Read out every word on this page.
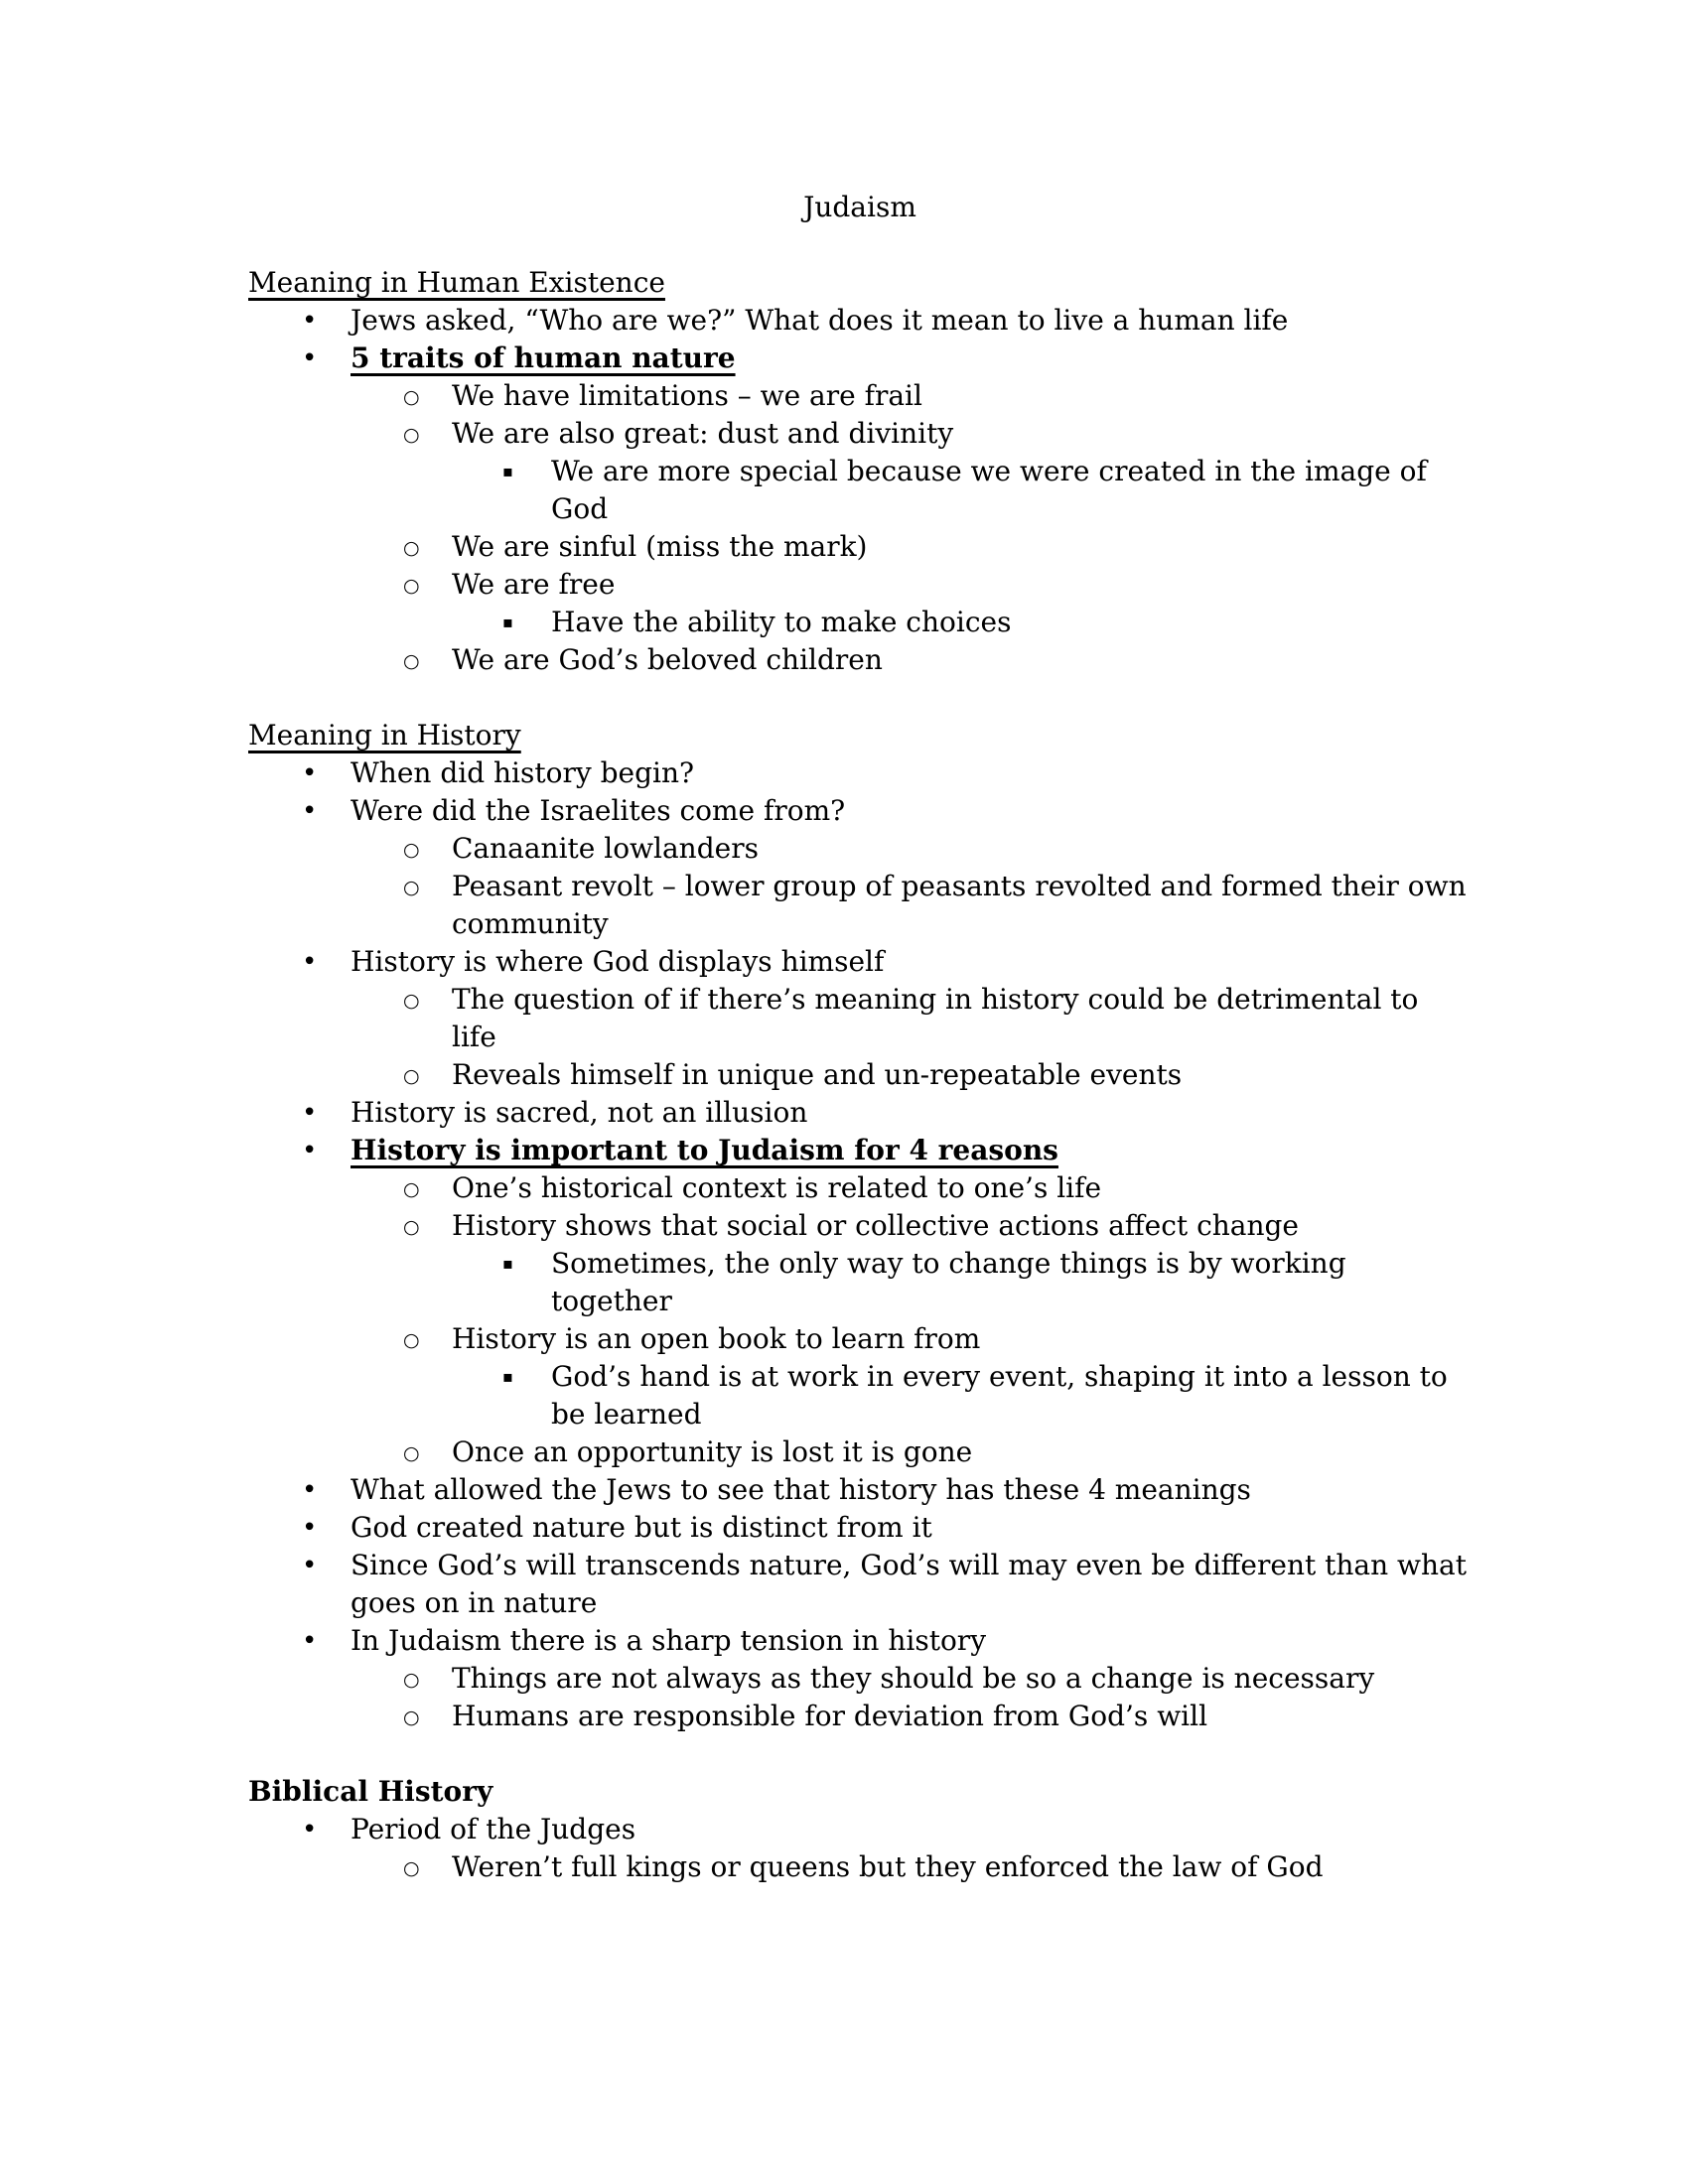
Judaism
Meaning in Human Existence
• Jews asked, “Who are we?” What does it mean to live a human life
• 5 traits of human nature
○ We have limitations – we are frail
○ We are also great: dust and divinity
▪ We are more special because we were created in the image of God
○ We are sinful (miss the mark)
○ We are free
▪ Have the ability to make choices
○ We are God’s beloved children
Meaning in History
• When did history begin?
• Were did the Israelites come from?
○ Canaanite lowlanders
○ Peasant revolt – lower group of peasants revolted and formed their own community
• History is where God displays himself
○ The question of if there’s meaning in history could be detrimental to life
○ Reveals himself in unique and un-repeatable events
• History is sacred, not an illusion
• History is important to Judaism for 4 reasons
○ One’s historical context is related to one’s life
○ History shows that social or collective actions affect change
▪ Sometimes, the only way to change things is by working together
○ History is an open book to learn from
▪ God’s hand is at work in every event, shaping it into a lesson to be learned
○ Once an opportunity is lost it is gone
• What allowed the Jews to see that history has these 4 meanings
• God created nature but is distinct from it
• Since God’s will transcends nature, God’s will may even be different than what goes on in nature
• In Judaism there is a sharp tension in history
○ Things are not always as they should be so a change is necessary
○ Humans are responsible for deviation from God’s will
Biblical History
• Period of the Judges
○ Weren’t full kings or queens but they enforced the law of God
